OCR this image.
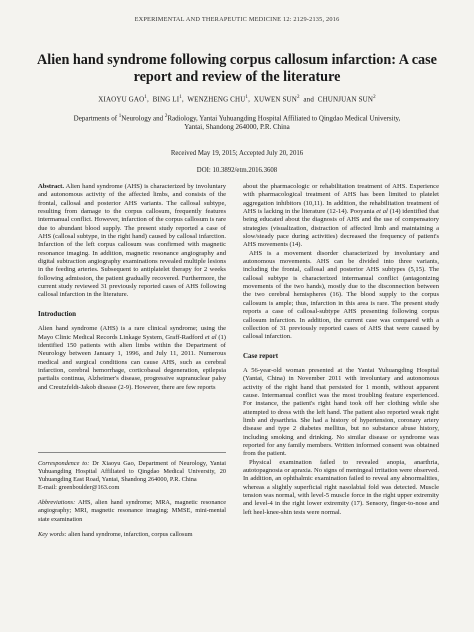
EXPERIMENTAL AND THERAPEUTIC MEDICINE 12: 2129-2135, 2016
Alien hand syndrome following corpus callosum infarction: A case report and review of the literature
XIAOYU GAO$^1$,  BING $LI^1$,  WENZHENG CHU$^1$,  XUWEN SUN$^2$ and CHUNJUAN SUN$^2$
Departments of $^1$Neurology and $^2$Radiology, Yantai Yuhuangding Hospital Affiliated to Qingdao Medical University,
Yantai, Shandong 264000, P.R. China
Received May 19, 2015; Accepted July 20, 2016
DOI: 10.3892/etm.2016.3608

Abstract. Alien hand syndrome (AHS) is characterized by involuntary and autonomous activity of the affected limbs, and consists of the frontal, callosal and posterior AHS variants. The callosal subtype, resulting from damage to the corpus callosum, frequently features intermanual conflict. However, infarction of the corpus callosum is rare due to abundant blood supply. The present study reported a case of AHS (callosal subtype, in the right hand) caused by callosal infarction. Infarction of the left corpus callosum was confirmed with magnetic resonance imaging. In addition, magnetic resonance angiography and digital subtraction angiography examinations revealed multiple lesions in the feeding arteries. Subsequent to antiplatelet therapy for 2 weeks following admission, the patient gradually recovered. Furthermore, the current study reviewed 31 previously reported cases of AHS following callosal infarction in the literature.

Introduction

Alien hand syndrome (AHS) is a rare clinical syndrome; using the Mayo Clinic Medical Records Linkage System, Graff-Radford et al (1) identified 150 patients with alien limbs within the Department of Neurology between January 1, 1996, and July 11, 2011. Numerous medical and surgical conditions can cause AHS, such as cerebral infarction, cerebral hemorrhage, corticobasal degeneration, epilepsia partialis continua, Alzheimer's disease, progressive supranuclear palsy and Creutzfeldt-Jakob disease (2-9). However, there are few reports

Correspondence to: Dr Xiaoyu Gao, Department of Neurology, Yantai Yuhuangding Hospital Affiliated to Qingdao Medical University, 20 Yuhuangding East Road, Yantai, Shandong 264000, P.R. China
E-mail: greenboulder@163.com

Abbreviations: AHS, alien hand syndrome; MRA, magnetic resonance angiography; MRI, magnetic resonance imaging; MMSE, mini-mental state examination

Key words: alien hand syndrome, infarction, corpus callosum

about the pharmacologic or rehabilitation treatment of AHS. Experience with pharmacological treatment of AHS has been limited to platelet aggregation inhibitors (10,11). In addition, the rehabilitation treatment of AHS is lacking in the literature (12-14). Pooyania et al (14) identified that being educated about the diagnosis of AHS and the use of compensatory strategies (visualization, distraction of affected limb and maintaining a slow/steady pace during activities) decreased the frequency of patient's AHS movements (14).

AHS is a movement disorder characterized by involuntary and autonomous movements. AHS can be divided into three variants, including the frontal, callosal and posterior AHS subtypes (5,15). The callosal subtype is characterized intermanual conflict (antagonizing movements of the two hands), mostly due to the disconnection between the two cerebral hemispheres (16). The blood supply to the corpus callosum is ample; thus, infarction in this area is rare. The present study reports a case of callosal-subtype AHS presenting following corpus callosum infarction. In addition, the current case was compared with a collection of 31 previously reported cases of AHS that were caused by callosal infarction.

Case report

A 56-year-old woman presented at the Yantai Yuhuangding Hospital (Yantai, China) in November 2011 with involuntary and autonomous activity of the right hand that persisted for 1 month, without apparent cause. Intermanual conflict was the most troubling feature experienced. For instance, the patient's right hand took off her clothing while she attempted to dress with the left hand. The patient also reported weak right limb and dysarthria. She had a history of hypertension, coronary artery disease and type 2 diabetes mellitus, but no substance abuse history, including smoking and drinking. No similar disease or syndrome was reported for any family members. Written informed consent was obtained from the patient.

Physical examination failed to revealed anopia, anarthria, autotopagnosia or apraxia. No signs of meningeal irritation were observed. In addition, an ophthalmic examination failed to reveal any abnormalities, whereas a slightly superficial right nasolabial fold was detected. Muscle tension was normal, with level-5 muscle force in the right upper extremity and level-4 in the right lower extremity (17). Sensory, finger-to-nose and left heel-knee-shin tests were normal.
